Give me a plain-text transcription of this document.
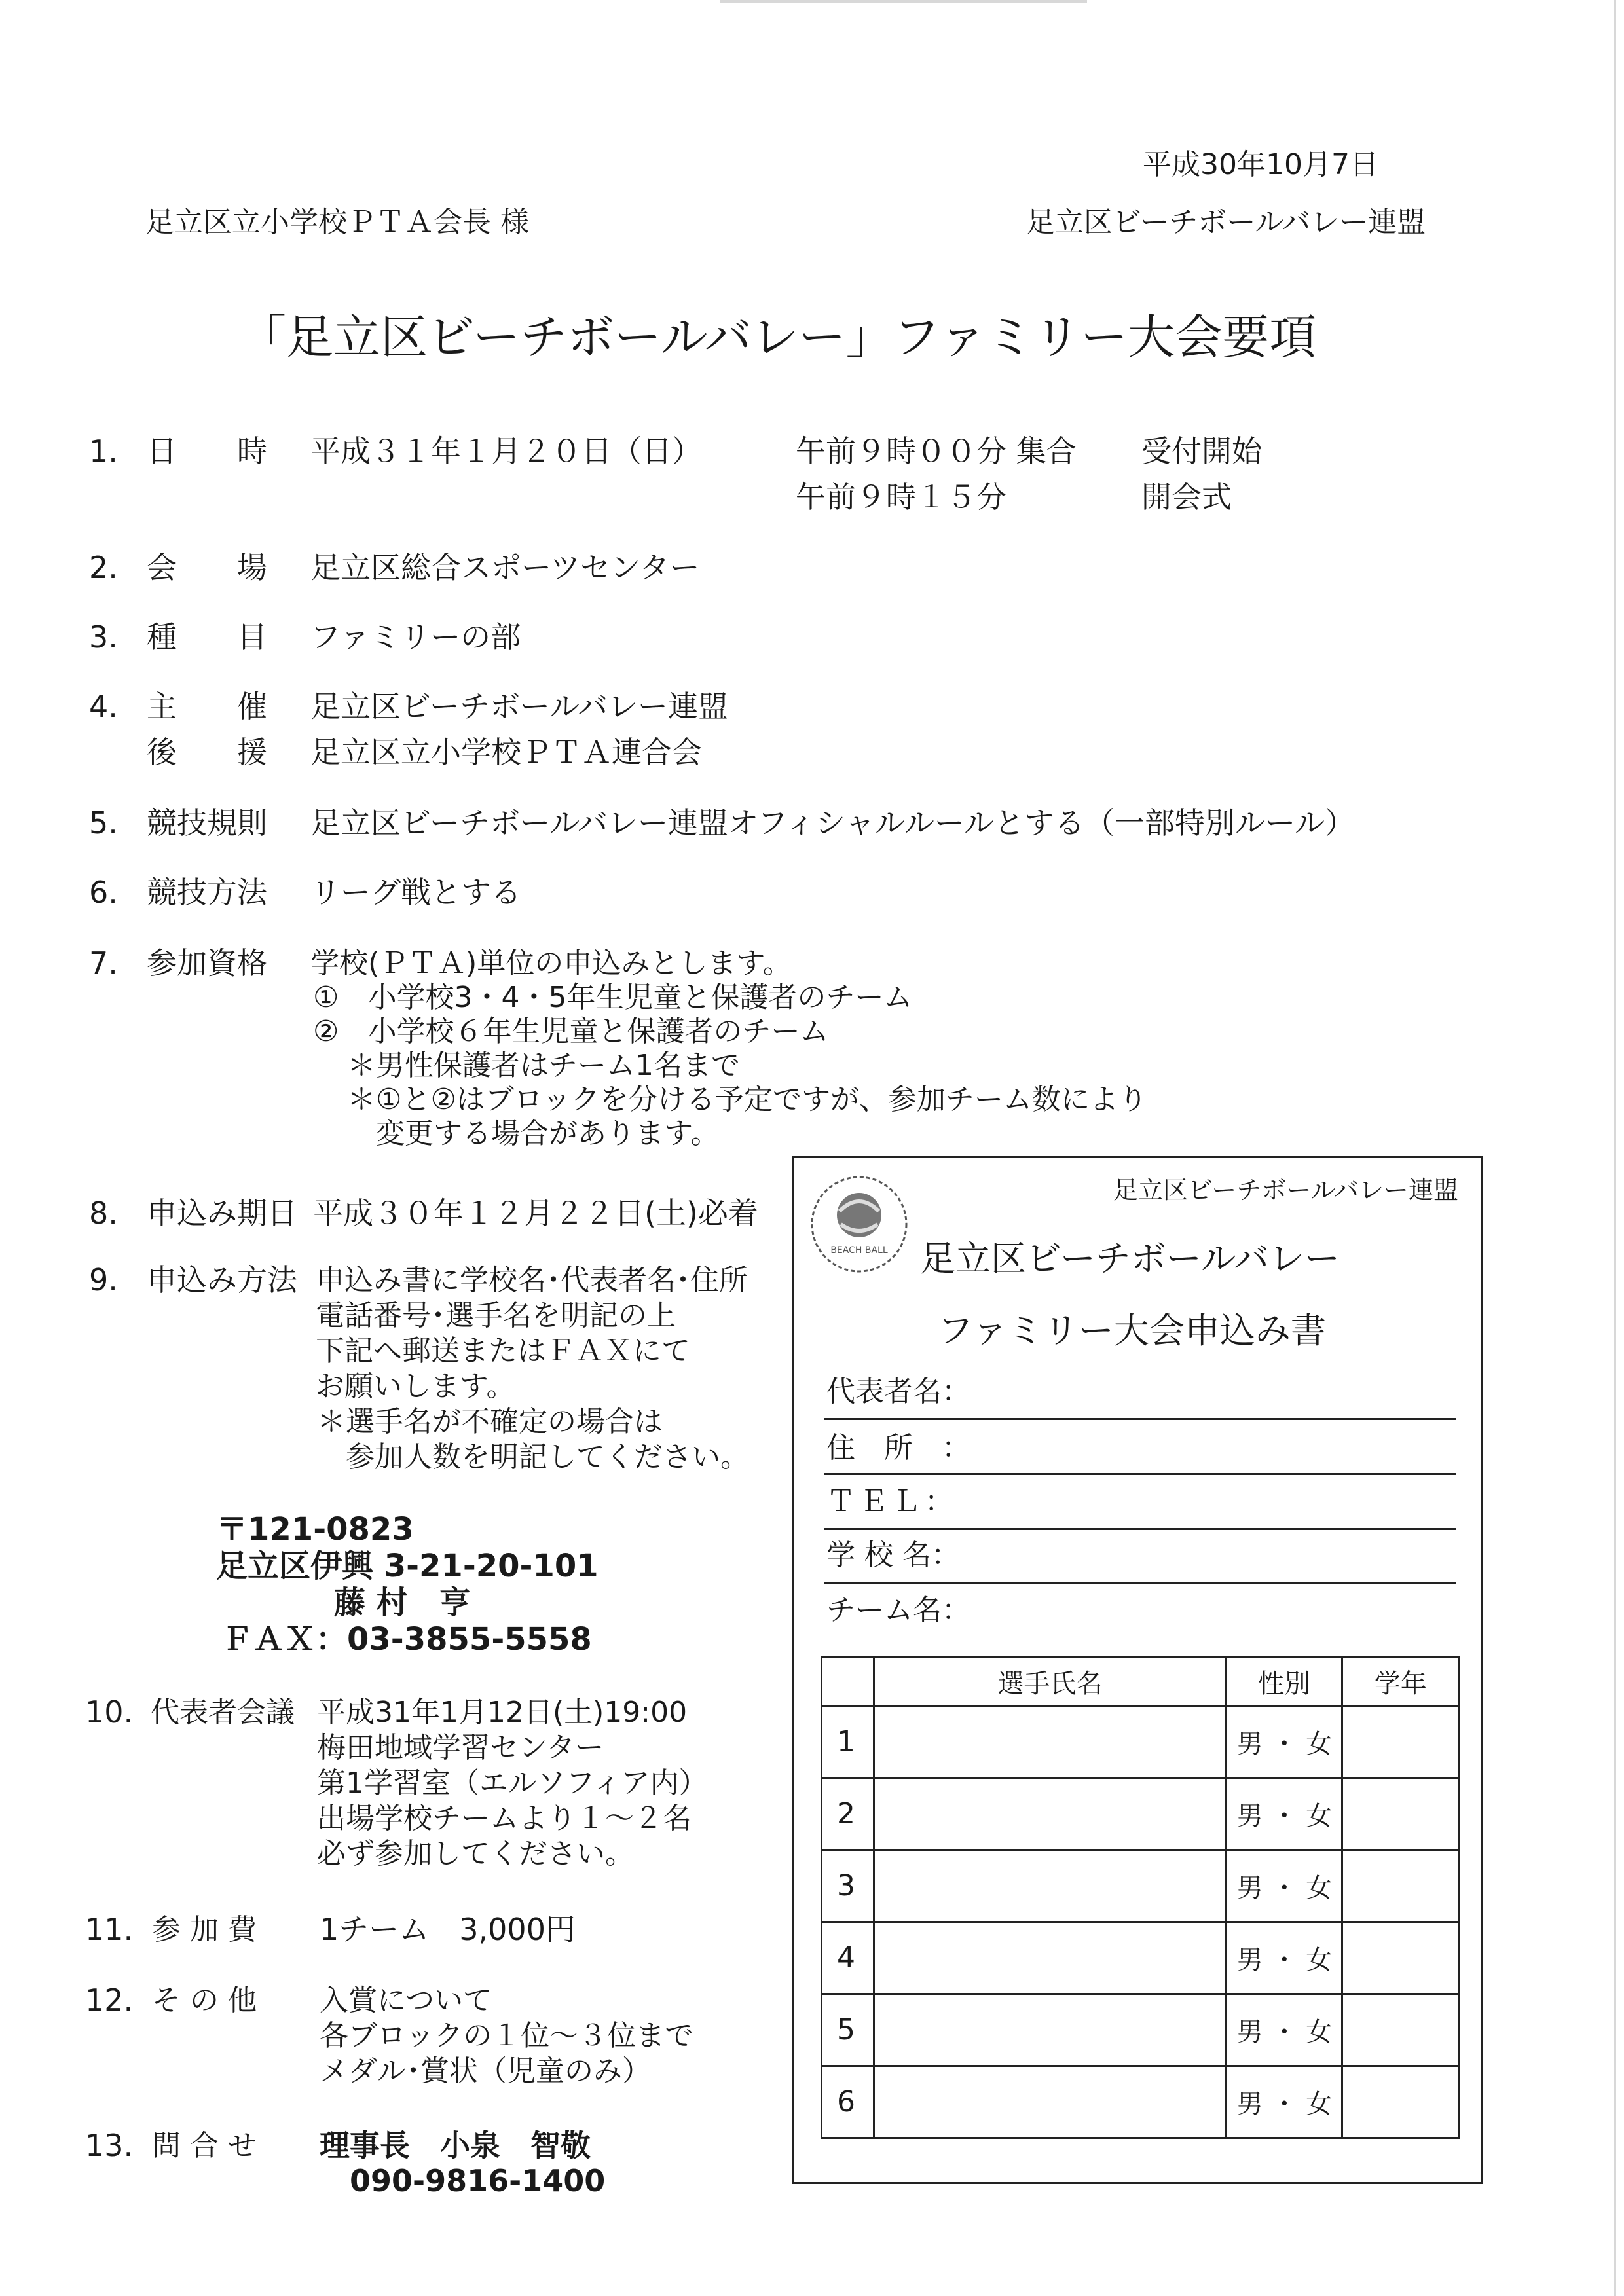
平成30年10月7日
足立区立小学校ＰＴＡ会長 様	足立区ビーチボールバレー連盟
「足立区ビーチボールバレー」ファミリー大会要項
1. 日　　時 平成３１年１月２０日（日）	午前９時００分 集合 受付開始
午前９時１５分	開会式
2. 会　　場 足立区総合スポーツセンター
3. 種　　目 ファミリーの部
4. 主　　催 足立区ビーチボールバレー連盟
後　　援 足立区立小学校ＰＴＡ連合会
5. 競技規則 足立区ビーチボールバレー連盟オフィシャルルールとする（一部特別ルール）
6. 競技方法 リーグ戦とする
7. 参加資格 学校(ＰＴＡ)単位の申込みとします。
①　小学校3・4・5年生児童と保護者のチーム
②　小学校６年生児童と保護者のチーム
＊男性保護者はチーム1名まで
＊①と②はブロックを分ける予定ですが、参加チーム数により
変更する場合があります。
8. 申込み期日 平成３０年１２月２２日(土)必着
9. 申込み方法 申込み書に学校名･代表者名･住所
電話番号･選手名を明記の上
下記へ郵送またはＦＡＸにて
お願いします。
＊選手名が不確定の場合は
参加人数を明記してください。
〒121-0823
足立区伊興 3-21-20-101
藤 村　亨
ＦＡＸ：03-3855-5558
10. 代表者会議 平成31年1月12日(土)19:00
梅田地域学習センター
第1学習室（エルソフィア内）
出場学校チームより１～２名
必ず参加してください。
11. 参 加 費 1チーム　3,000円
12. そ の 他 入賞について
各ブロックの１位～３位まで
メダル･賞状（児童のみ）
13. 問 合 せ 理事長　小泉　智敬
090-9816-1400
足立区ビーチボールバレー連盟
BEACH BALL 足立区ビーチボールバレー
ファミリー大会申込み書
代表者名：
住　所　：
ＴＥＬ：
学 校 名：
チーム名：
	選手氏名	性別	学年
1		男 ・ 女	
2		男 ・ 女	
3		男 ・ 女	
4		男 ・ 女	
5		男 ・ 女	
6		男 ・ 女	
